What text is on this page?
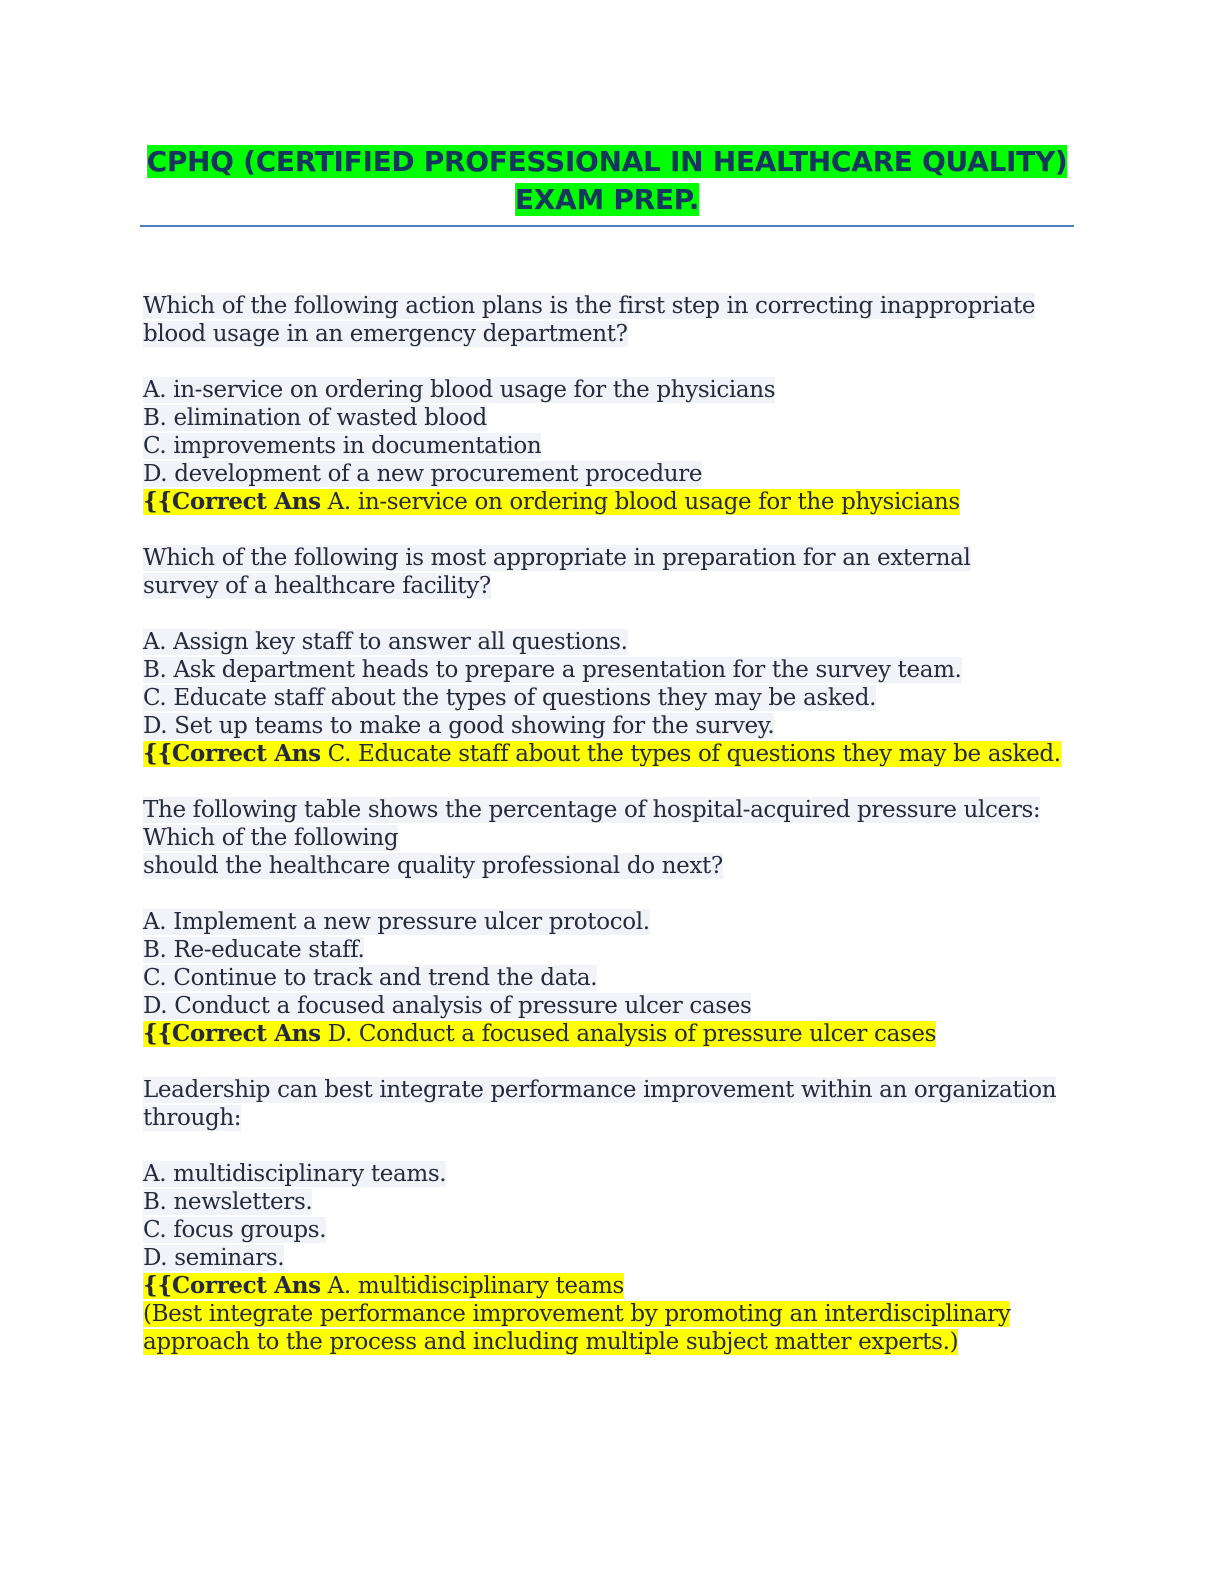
CPHQ (CERTIFIED PROFESSIONAL IN HEALTHCARE QUALITY)
EXAM PREP.
Which of the following action plans is the first step in correcting inappropriate
blood usage in an emergency department?
A. in-service on ordering blood usage for the physicians
B. elimination of wasted blood
C. improvements in documentation
D. development of a new procurement procedure
{{Correct Ans A. in-service on ordering blood usage for the physicians
Which of the following is most appropriate in preparation for an external
survey of a healthcare facility?
A. Assign key staff to answer all questions.
B. Ask department heads to prepare a presentation for the survey team.
C. Educate staff about the types of questions they may be asked.
D. Set up teams to make a good showing for the survey.
{{Correct Ans C. Educate staff about the types of questions they may be asked.
The following table shows the percentage of hospital-acquired pressure ulcers:
Which of the following
should the healthcare quality professional do next?
A. Implement a new pressure ulcer protocol.
B. Re-educate staff.
C. Continue to track and trend the data.
D. Conduct a focused analysis of pressure ulcer cases
{{Correct Ans D. Conduct a focused analysis of pressure ulcer cases
Leadership can best integrate performance improvement within an organization
through:
A. multidisciplinary teams.
B. newsletters.
C. focus groups.
D. seminars.
{{Correct Ans A. multidisciplinary teams
(Best integrate performance improvement by promoting an interdisciplinary
approach to the process and including multiple subject matter experts.)
